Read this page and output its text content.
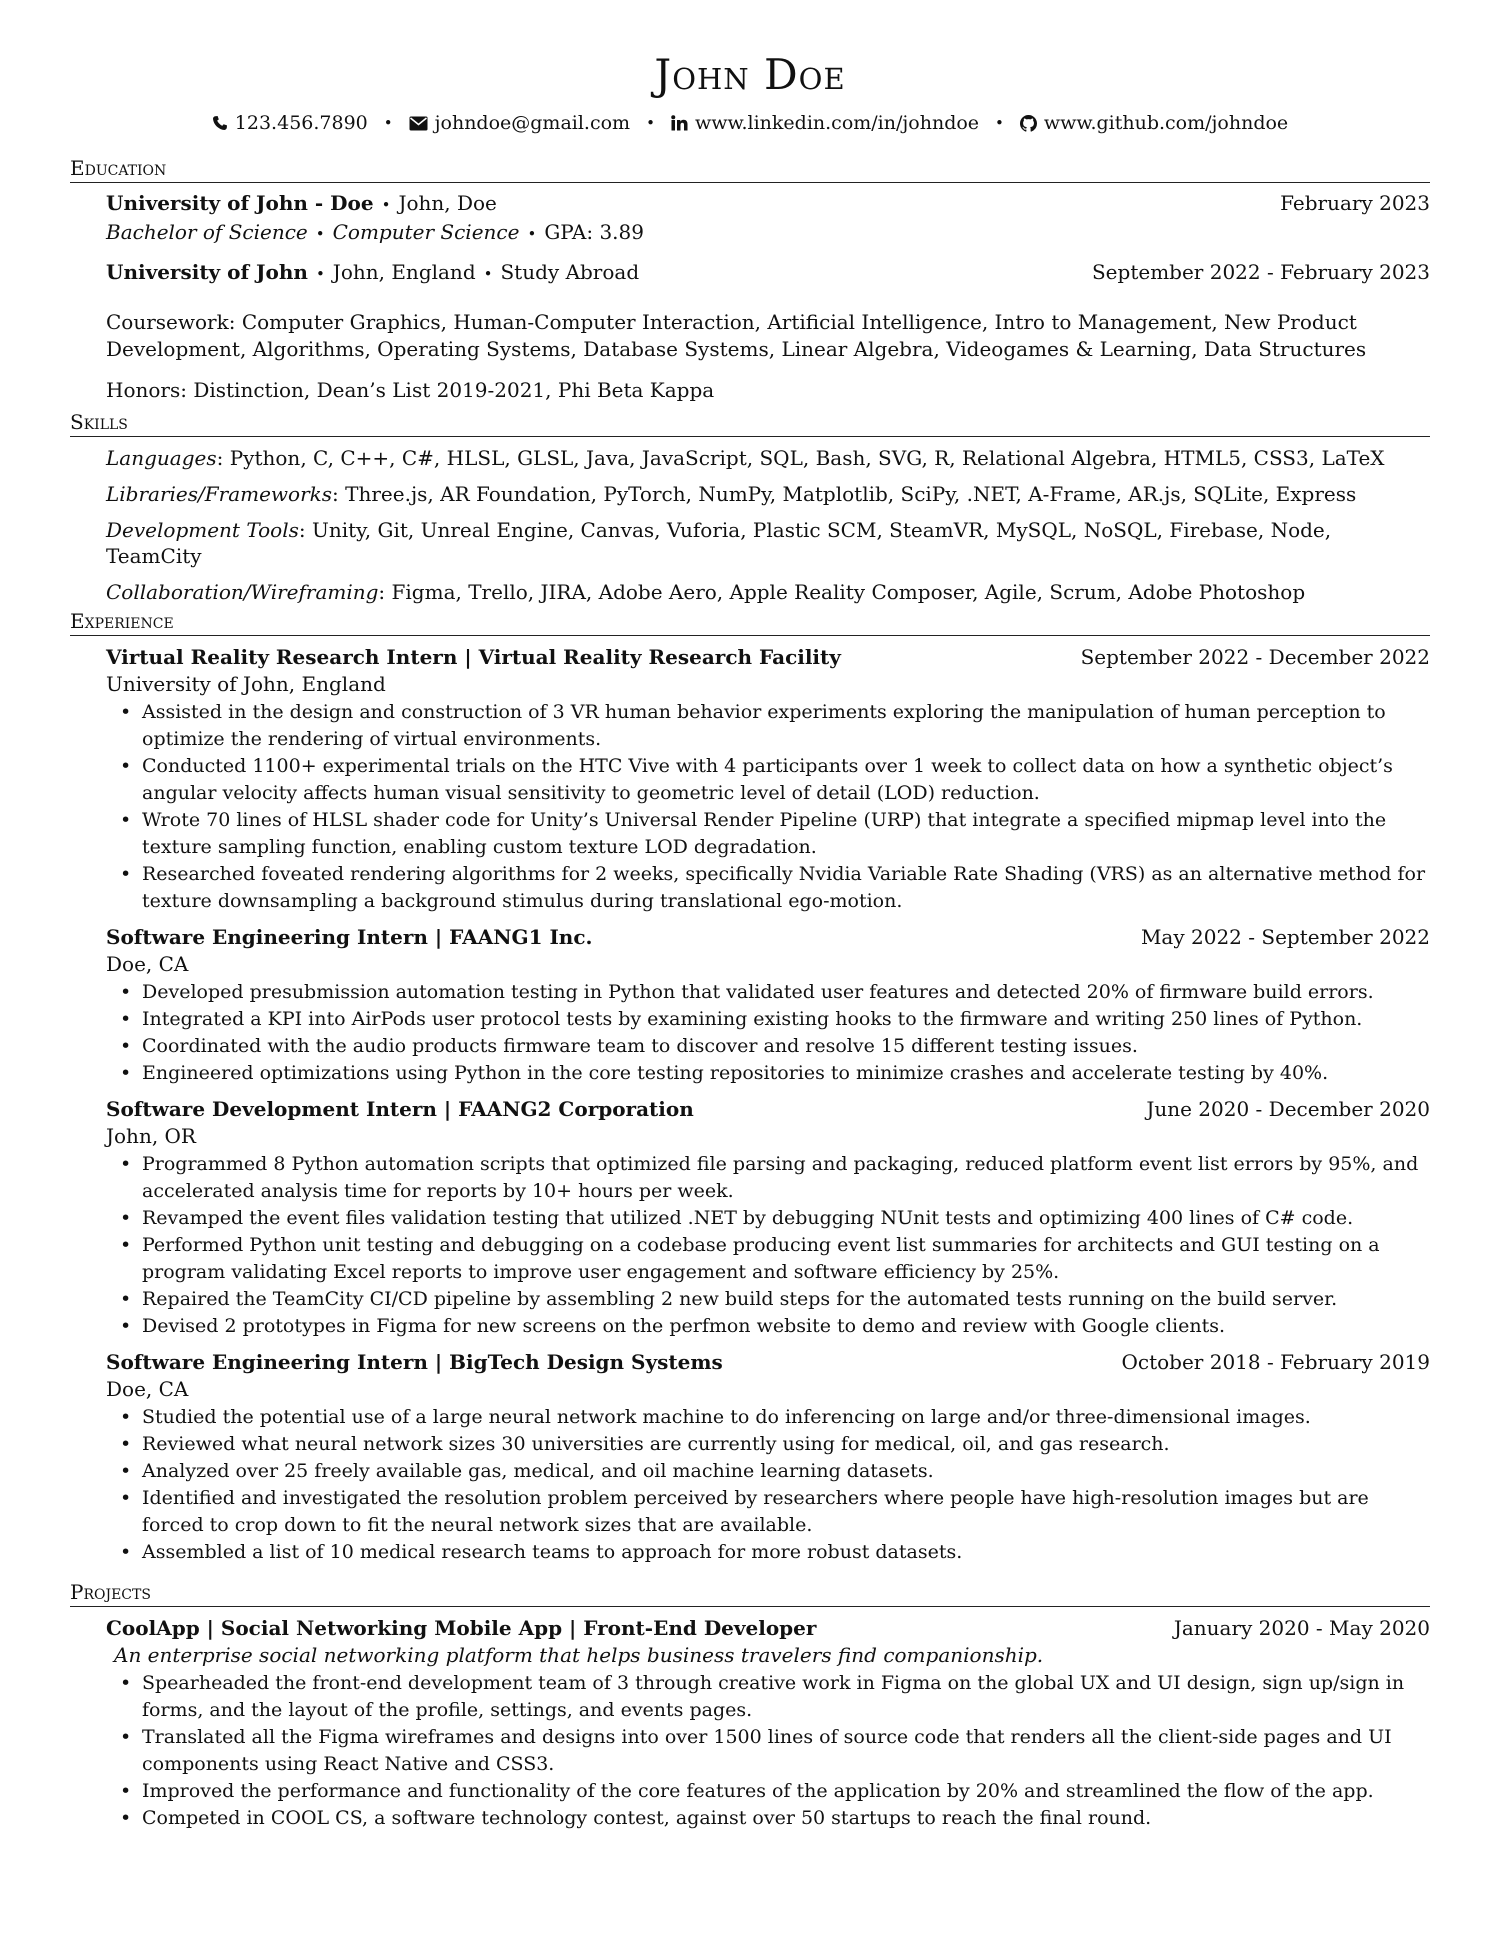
John Doe
123.456.7890 • johndoe@gmail.com • www.linkedin.com/in/johndoe • www.github.com/johndoe
Education
University of John - Doe • John, Doe	February 2023
Bachelor of Science • Computer Science • GPA: 3.89
University of John • John, England • Study Abroad	September 2022 - February 2023
Coursework: Computer Graphics, Human-Computer Interaction, Artificial Intelligence, Intro to Management, New Product Development, Algorithms, Operating Systems, Database Systems, Linear Algebra, Videogames & Learning, Data Structures
Honors: Distinction, Dean’s List 2019-2021, Phi Beta Kappa
Skills
Languages: Python, C, C++, C#, HLSL, GLSL, Java, JavaScript, SQL, Bash, SVG, R, Relational Algebra, HTML5, CSS3, LaTeX
Libraries/Frameworks: Three.js, AR Foundation, PyTorch, NumPy, Matplotlib, SciPy, .NET, A-Frame, AR.js, SQLite, Express
Development Tools: Unity, Git, Unreal Engine, Canvas, Vuforia, Plastic SCM, SteamVR, MySQL, NoSQL, Firebase, Node, TeamCity
Collaboration/Wireframing: Figma, Trello, JIRA, Adobe Aero, Apple Reality Composer, Agile, Scrum, Adobe Photoshop
Experience
Virtual Reality Research Intern | Virtual Reality Research Facility	September 2022 - December 2022
University of John, England
• Assisted in the design and construction of 3 VR human behavior experiments exploring the manipulation of human perception to optimize the rendering of virtual environments.
• Conducted 1100+ experimental trials on the HTC Vive with 4 participants over 1 week to collect data on how a synthetic object’s angular velocity affects human visual sensitivity to geometric level of detail (LOD) reduction.
• Wrote 70 lines of HLSL shader code for Unity’s Universal Render Pipeline (URP) that integrate a specified mipmap level into the texture sampling function, enabling custom texture LOD degradation.
• Researched foveated rendering algorithms for 2 weeks, specifically Nvidia Variable Rate Shading (VRS) as an alternative method for texture downsampling a background stimulus during translational ego-motion.
Software Engineering Intern | FAANG1 Inc.	May 2022 - September 2022
Doe, CA
• Developed presubmission automation testing in Python that validated user features and detected 20% of firmware build errors.
• Integrated a KPI into AirPods user protocol tests by examining existing hooks to the firmware and writing 250 lines of Python.
• Coordinated with the audio products firmware team to discover and resolve 15 different testing issues.
• Engineered optimizations using Python in the core testing repositories to minimize crashes and accelerate testing by 40%.
Software Development Intern | FAANG2 Corporation	June 2020 - December 2020
John, OR
• Programmed 8 Python automation scripts that optimized file parsing and packaging, reduced platform event list errors by 95%, and accelerated analysis time for reports by 10+ hours per week.
• Revamped the event files validation testing that utilized .NET by debugging NUnit tests and optimizing 400 lines of C# code.
• Performed Python unit testing and debugging on a codebase producing event list summaries for architects and GUI testing on a program validating Excel reports to improve user engagement and software efficiency by 25%.
• Repaired the TeamCity CI/CD pipeline by assembling 2 new build steps for the automated tests running on the build server.
• Devised 2 prototypes in Figma for new screens on the perfmon website to demo and review with Google clients.
Software Engineering Intern | BigTech Design Systems	October 2018 - February 2019
Doe, CA
• Studied the potential use of a large neural network machine to do inferencing on large and/or three-dimensional images.
• Reviewed what neural network sizes 30 universities are currently using for medical, oil, and gas research.
• Analyzed over 25 freely available gas, medical, and oil machine learning datasets.
• Identified and investigated the resolution problem perceived by researchers where people have high-resolution images but are forced to crop down to fit the neural network sizes that are available.
• Assembled a list of 10 medical research teams to approach for more robust datasets.
Projects
CoolApp | Social Networking Mobile App | Front-End Developer	January 2020 - May 2020
An enterprise social networking platform that helps business travelers find companionship.
• Spearheaded the front-end development team of 3 through creative work in Figma on the global UX and UI design, sign up/sign in forms, and the layout of the profile, settings, and events pages.
• Translated all the Figma wireframes and designs into over 1500 lines of source code that renders all the client-side pages and UI components using React Native and CSS3.
• Improved the performance and functionality of the core features of the application by 20% and streamlined the flow of the app.
• Competed in COOL CS, a software technology contest, against over 50 startups to reach the final round.
